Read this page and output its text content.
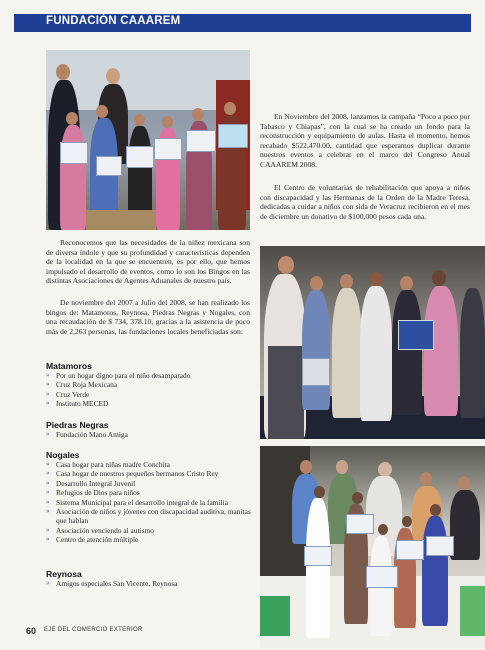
FUNDACIÓN CAAAREM

En Noviembre del 2008, lanzamos la campaña “Poco a poco por Tabasco y Chiapas”, con la cual se ha creado un fondo para la reconstrucción y equipamiento de aulas. Hasta el momento, hemos recabado $522,470.00, cantidad que esperamos duplicar durante nuestros eventos a celebrar en el marco del Congreso Anual CAAAREM 2008.

El Centro de voluntarias de rehabilitación que apoya a niños con discapacidad y las Hermanas de la Orden de la Madre Teresa, dedicadas a cuidar a niños con sida de Veracruz recibieron en el mes de diciembre un donativo de $100,000 pesos cada una.

Reconocemos que las necesidades de la niñez mexicana son de diversa índole y que su profundidad y características dependen de la localidad en la que se encuentren, es por ello, que hemos impulsado el desarrollo de eventos, como lo son los Bingos en las distintas Asociaciones de Agentes Aduanales de nuestro país.

De noviembre del 2007 a Julio del 2008, se han realizado los bingos de: Matamoros, Reynosa, Piedras Negras y Nogales, con una recaudación de $ 734, 378.10, gracias a la asistencia de poco más de 2,263 personas, las fundaciones locales beneficiadas son:

Matamoros
» Por un hogar digno para el niño desamparado
» Cruz Roja Mexicana
» Cruz Verde
» Instituto MECED
Piedras Negras
» Fundación Mano Amiga
Nogales
» Casa hogar para niñas madre Conchita
» Casa hogar de nuestros pequeños hermanos Cristo Rey
» Desarrollo Integral Juvenil
» Refugios de Dios para niños
» Sistema Municipal para el desarrollo integral de la familia
» Asociación de niños y jóvenes con discapacidad auditiva, manitas que hablan
» Asociación venciendo al autismo
» Centro de atención múltiple
Reynosa
» Amigos especiales San Vicente, Reynosa
60 EJE DEL COMERCIO EXTERIOR
